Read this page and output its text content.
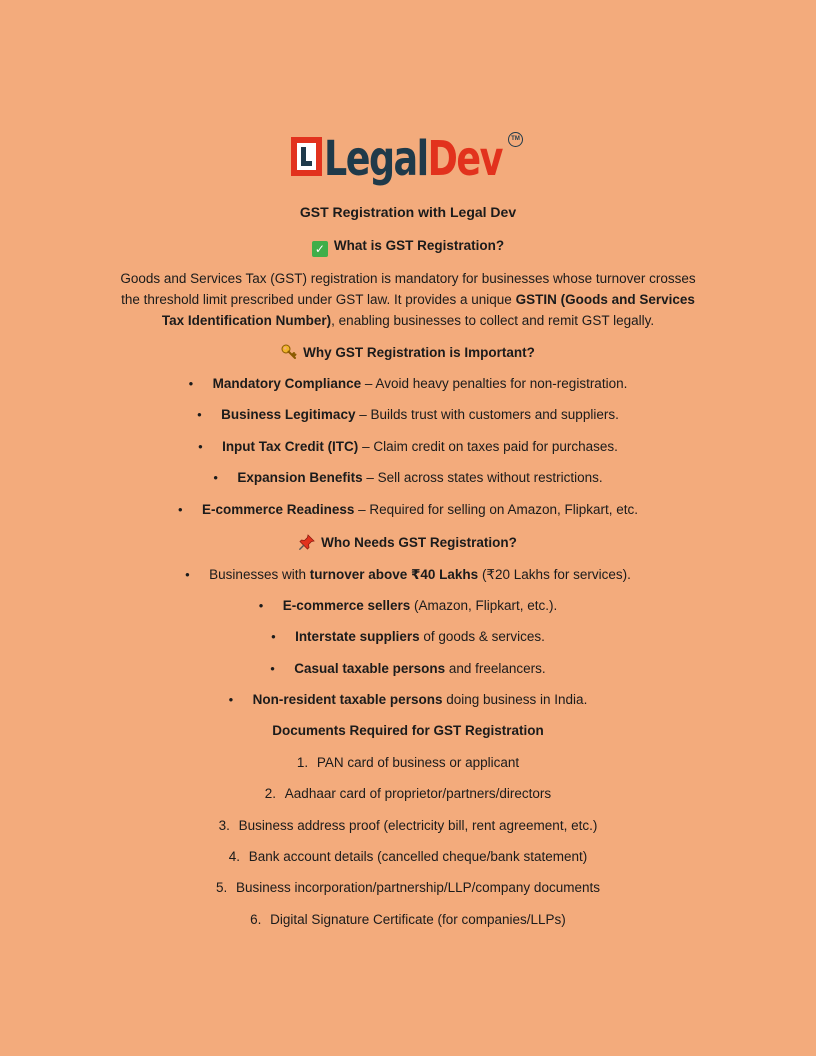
LegalDev	TM
GST Registration with Legal Dev
✓ What is GST Registration?
Goods and Services Tax (GST) registration is mandatory for businesses whose turnover crosses the threshold limit prescribed under GST law. It provides a unique GSTIN (Goods and Services Tax Identification Number), enabling businesses to collect and remit GST legally.
Why GST Registration is Important?
• Mandatory Compliance – Avoid heavy penalties for non-registration.
• Business Legitimacy – Builds trust with customers and suppliers.
• Input Tax Credit (ITC) – Claim credit on taxes paid for purchases.
• Expansion Benefits – Sell across states without restrictions.
• E-commerce Readiness – Required for selling on Amazon, Flipkart, etc.
Who Needs GST Registration?
• Businesses with turnover above ₹40 Lakhs (₹20 Lakhs for services).
• E-commerce sellers (Amazon, Flipkart, etc.).
• Interstate suppliers of goods & services.
• Casual taxable persons and freelancers.
• Non-resident taxable persons doing business in India.
Documents Required for GST Registration
1. PAN card of business or applicant
2. Aadhaar card of proprietor/partners/directors
3. Business address proof (electricity bill, rent agreement, etc.)
4. Bank account details (cancelled cheque/bank statement)
5. Business incorporation/partnership/LLP/company documents
6. Digital Signature Certificate (for companies/LLPs)
